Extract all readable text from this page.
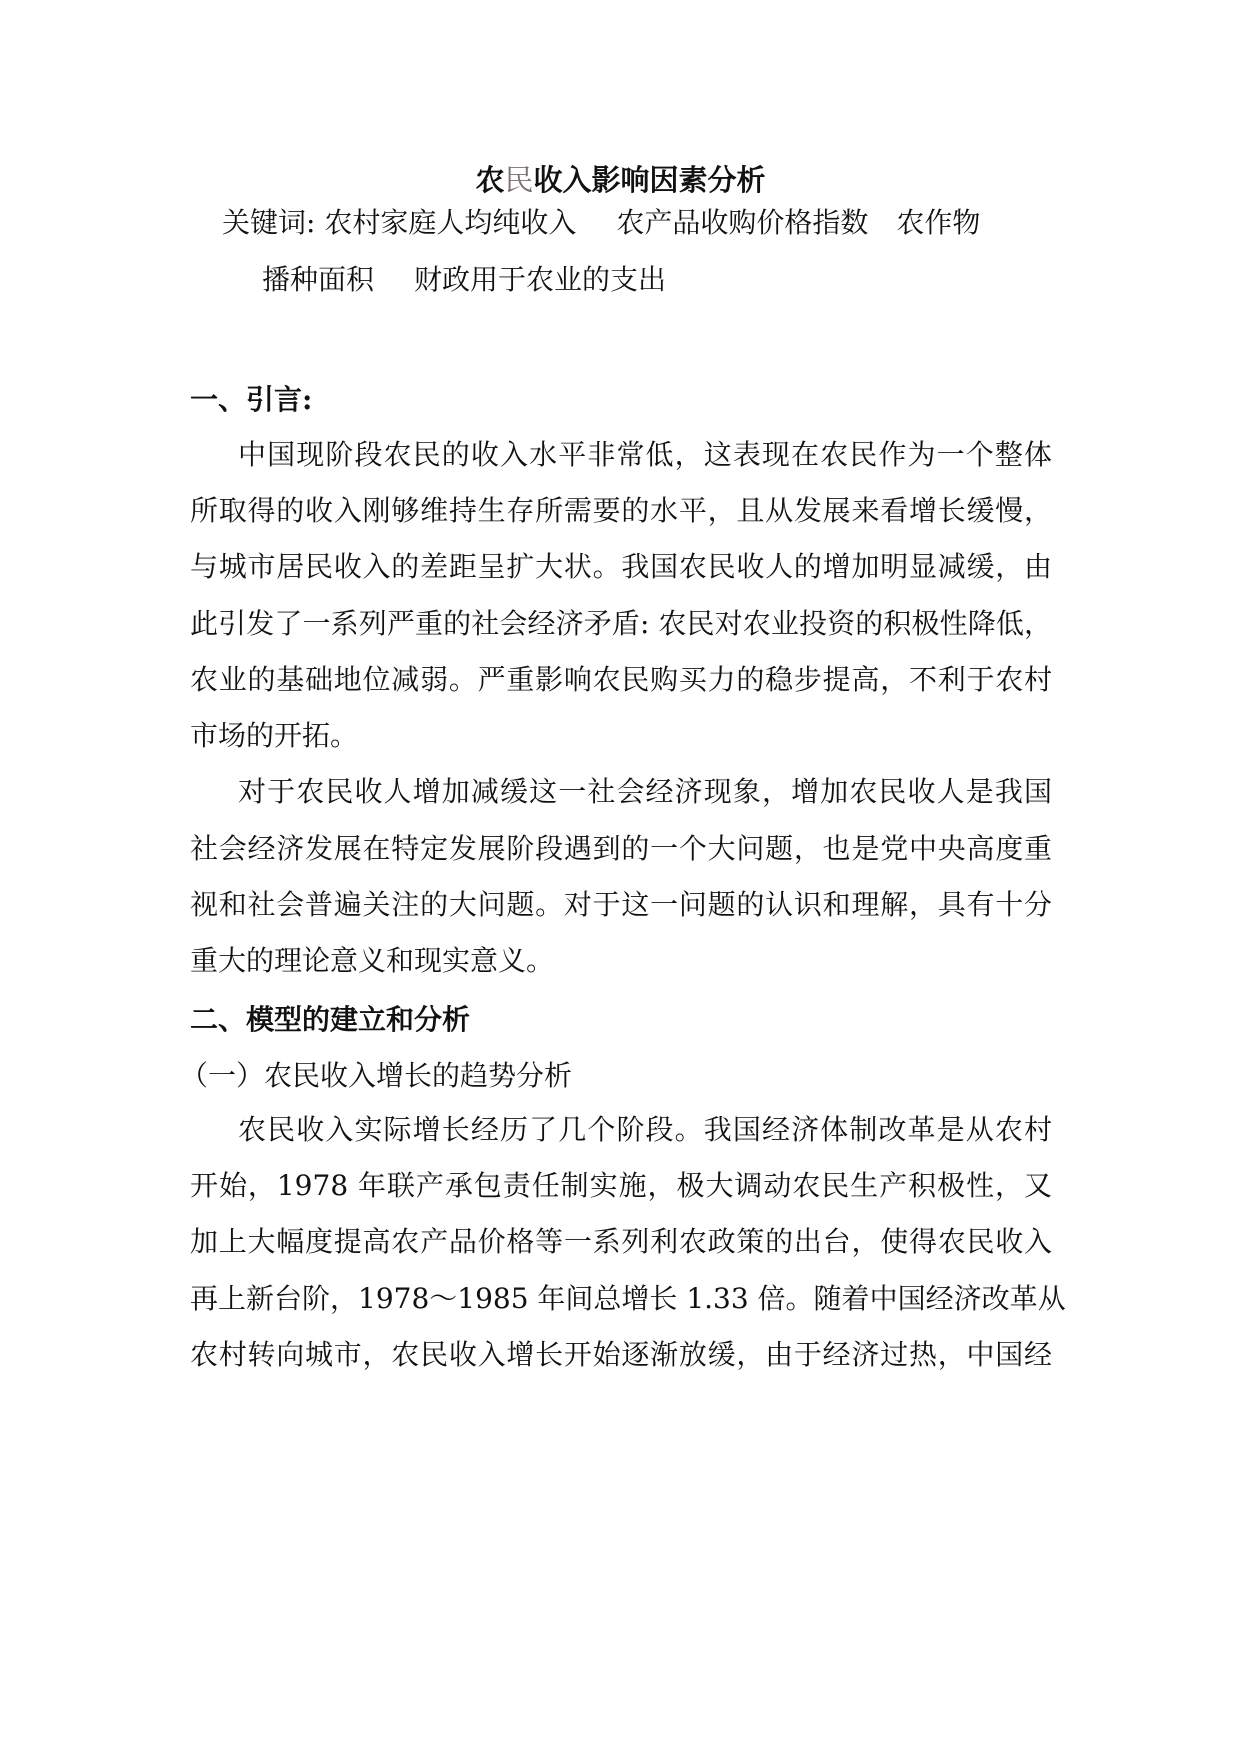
农民收入影响因素分析
关键词: 农村家庭人均纯收入 农产品收购价格指数 农作物
播种面积 财政用于农业的支出
一、引言:
中国现阶段农民的收入水平非常低，这表现在农民作为一个整体
所取得的收入刚够维持生存所需要的水平，且从发展来看增长缓慢，
与城市居民收入的差距呈扩大状。我国农民收人的增加明显减缓，由
此引发了一系列严重的社会经济矛盾: 农民对农业投资的积极性降低，
农业的基础地位减弱。严重影响农民购买力的稳步提高，不利于农村
市场的开拓。
对于农民收人增加减缓这一社会经济现象，增加农民收人是我国
社会经济发展在特定发展阶段遇到的一个大问题，也是党中央高度重
视和社会普遍关注的大问题。对于这一问题的认识和理解，具有十分
重大的理论意义和现实意义。
二、模型的建立和分析
（一）农民收入增长的趋势分析
农民收入实际增长经历了几个阶段。我国经济体制改革是从农村
开始，1978 年联产承包责任制实施，极大调动农民生产积极性，又
加上大幅度提高农产品价格等一系列利农政策的出台，使得农民收入
再上新台阶，1978～1985 年间总增长 1.33 倍。随着中国经济改革从
农村转向城市，农民收入增长开始逐渐放缓，由于经济过热，中国经
